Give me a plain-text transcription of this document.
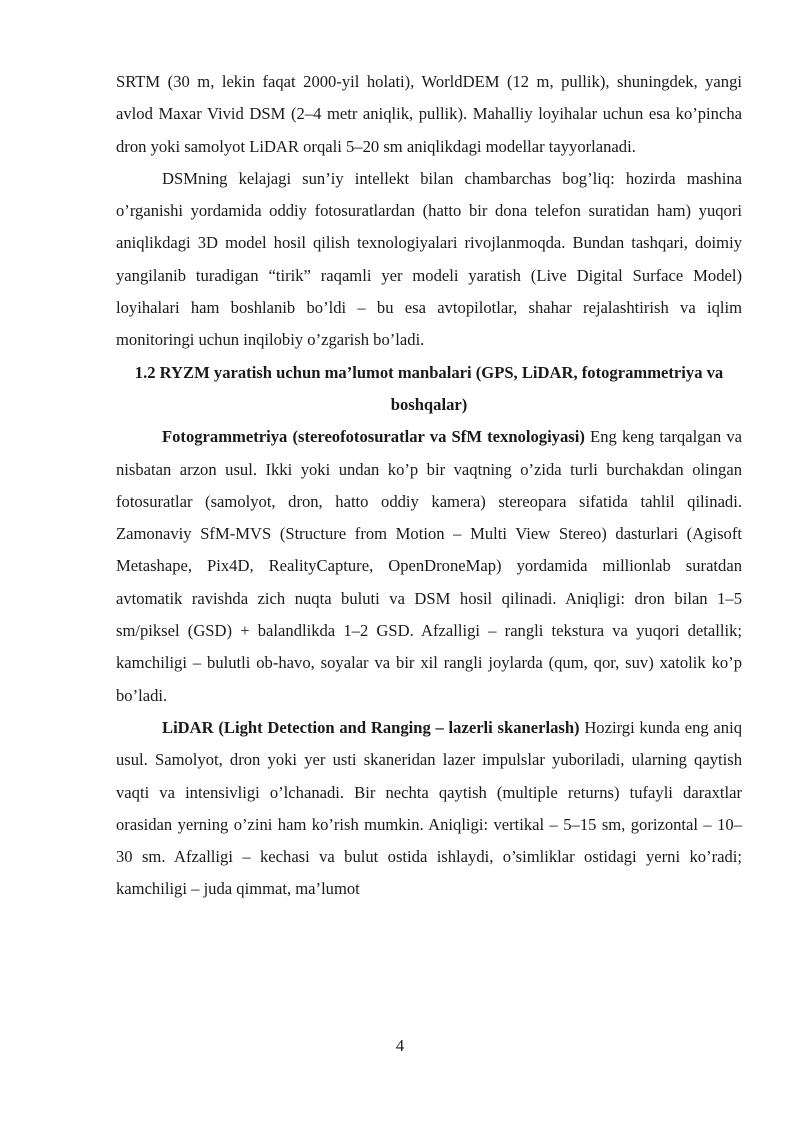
SRTM (30 m, lekin faqat 2000-yil holati), WorldDEM (12 m, pullik), shuningdek, yangi avlod Maxar Vivid DSM (2–4 metr aniqlik, pullik). Mahalliy loyihalar uchun esa ko’pincha dron yoki samolyot LiDAR orqali 5–20 sm aniqlikdagi modellar tayyorlanadi.

DSMning kelajagi sun’iy intellekt bilan chambarchas bog’liq: hozirda mashina o’rganishi yordamida oddiy fotosuratlardan (hatto bir dona telefon suratidan ham) yuqori aniqlikdagi 3D model hosil qilish texnologiyalari rivojlanmoqda. Bundan tashqari, doimiy yangilanib turadigan “tirik” raqamli yer modeli yaratish (Live Digital Surface Model) loyihalari ham boshlanib bo’ldi – bu esa avtopilotlar, shahar rejalashtirish va iqlim monitoringi uchun inqilobiy o’zgarish bo’ladi.

1.2 RYZM yaratish uchun ma’lumot manbalari (GPS, LiDAR, fotogrammetriya va boshqalar)

Fotogrammetriya (stereofotosuratlar va SfM texnologiyasi) Eng keng tarqalgan va nisbatan arzon usul. Ikki yoki undan ko’p bir vaqtning o’zida turli burchakdan olingan fotosuratlar (samolyot, dron, hatto oddiy kamera) stereopara sifatida tahlil qilinadi. Zamonaviy SfM-MVS (Structure from Motion – Multi View Stereo) dasturlari (Agisoft Metashape, Pix4D, RealityCapture, OpenDroneMap) yordamida millionlab suratdan avtomatik ravishda zich nuqta buluti va DSM hosil qilinadi. Aniqligi: dron bilan 1–5 sm/piksel (GSD) + balandlikda 1–2 GSD. Afzalligi – rangli tekstura va yuqori detallik; kamchiligi – bulutli ob-havo, soyalar va bir xil rangli joylarda (qum, qor, suv) xatolik ko’p bo’ladi.

LiDAR (Light Detection and Ranging – lazerli skanerlash) Hozirgi kunda eng aniq usul. Samolyot, dron yoki yer usti skaneridan lazer impulslar yuboriladi, ularning qaytish vaqti va intensivligi o’lchanadi. Bir nechta qaytish (multiple returns) tufayli daraxtlar orasidan yerning o’zini ham ko’rish mumkin. Aniqligi: vertikal – 5–15 sm, gorizontal – 10–30 sm. Afzalligi – kechasi va bulut ostida ishlaydi, o’simliklar ostidagi yerni ko’radi; kamchiligi – juda qimmat, ma’lumot

4
